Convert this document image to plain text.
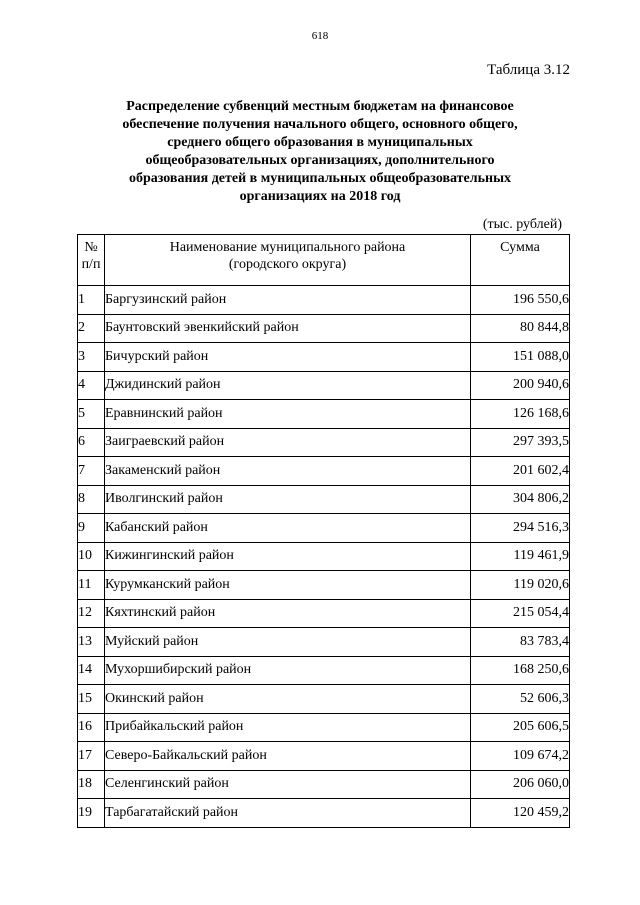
618
Таблица 3.12
Распределение субвенций местным бюджетам на финансовое
обеспечение получения начального общего, основного общего,
среднего общего образования в муниципальных
общеобразовательных организациях, дополнительного
образования детей в муниципальных общеобразовательных
организациях на 2018 год
(тыс. рублей)
№
п/п	Наименование муниципального района
(городского округа)	Сумма
1	Баргузинский район	196 550,6
2	Баунтовский эвенкийский район	80 844,8
3	Бичурский район	151 088,0
4	Джидинский район	200 940,6
5	Еравнинский район	126 168,6
6	Заиграевский район	297 393,5
7	Закаменский район	201 602,4
8	Иволгинский район	304 806,2
9	Кабанский район	294 516,3
10	Кижингинский район	119 461,9
11	Курумканский район	119 020,6
12	Кяхтинский район	215 054,4
13	Муйский район	83 783,4
14	Мухоршибирский район	168 250,6
15	Окинский район	52 606,3
16	Прибайкальский район	205 606,5
17	Северо-Байкальский район	109 674,2
18	Селенгинский район	206 060,0
19	Тарбагатайский район	120 459,2
